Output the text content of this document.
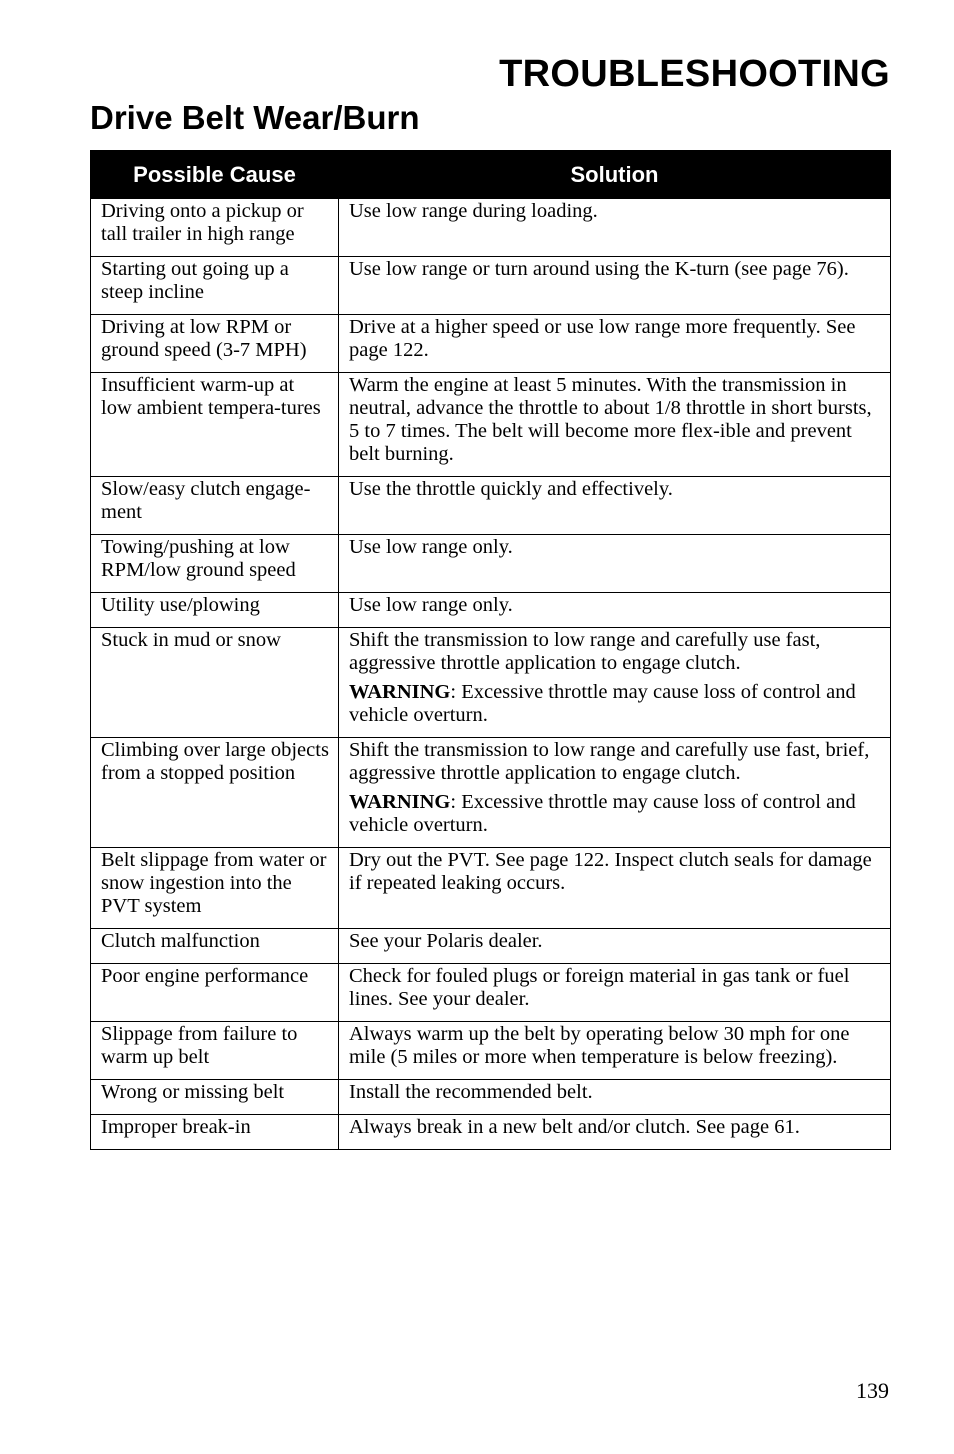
TROUBLESHOOTING
Drive Belt Wear/Burn
Possible Cause	Solution
Driving onto a pickup or tall trailer in high range	Use low range during loading.

Starting out going up a steep incline	Use low range or turn around using the K-turn (see page 76).

Driving at low RPM or ground speed (3-7 MPH)	Drive at a higher speed or use low range more frequently. See page 122.

Insufficient warm-up at low ambient tempera-tures	Warm the engine at least 5 minutes. With the transmission in neutral, advance the throttle to about 1/8 throttle in short bursts, 5 to 7 times. The belt will become more flex-ible and prevent belt burning.

Slow/easy clutch engage-ment	Use the throttle quickly and effectively.

Towing/pushing at low RPM/low ground speed	Use low range only.

Utility use/plowing	Use low range only.

Stuck in mud or snow	Shift the transmission to low range and carefully use fast, aggressive throttle application to engage clutch.

WARNING: Excessive throttle may cause loss of control and vehicle overturn.

Climbing over large objects from a stopped position	Shift the transmission to low range and carefully use fast, brief, aggressive throttle application to engage clutch.

WARNING: Excessive throttle may cause loss of control and vehicle overturn.

Belt slippage from water or snow ingestion into the PVT system	Dry out the PVT. See page 122. Inspect clutch seals for damage if repeated leaking occurs.

Clutch malfunction	See your Polaris dealer.

Poor engine performance	Check for fouled plugs or foreign material in gas tank or fuel lines. See your dealer.

Slippage from failure to warm up belt	Always warm up the belt by operating below 30 mph for one mile (5 miles or more when temperature is below freezing).

Wrong or missing belt	Install the recommended belt.

Improper break-in	Always break in a new belt and/or clutch. See page 61.

139
